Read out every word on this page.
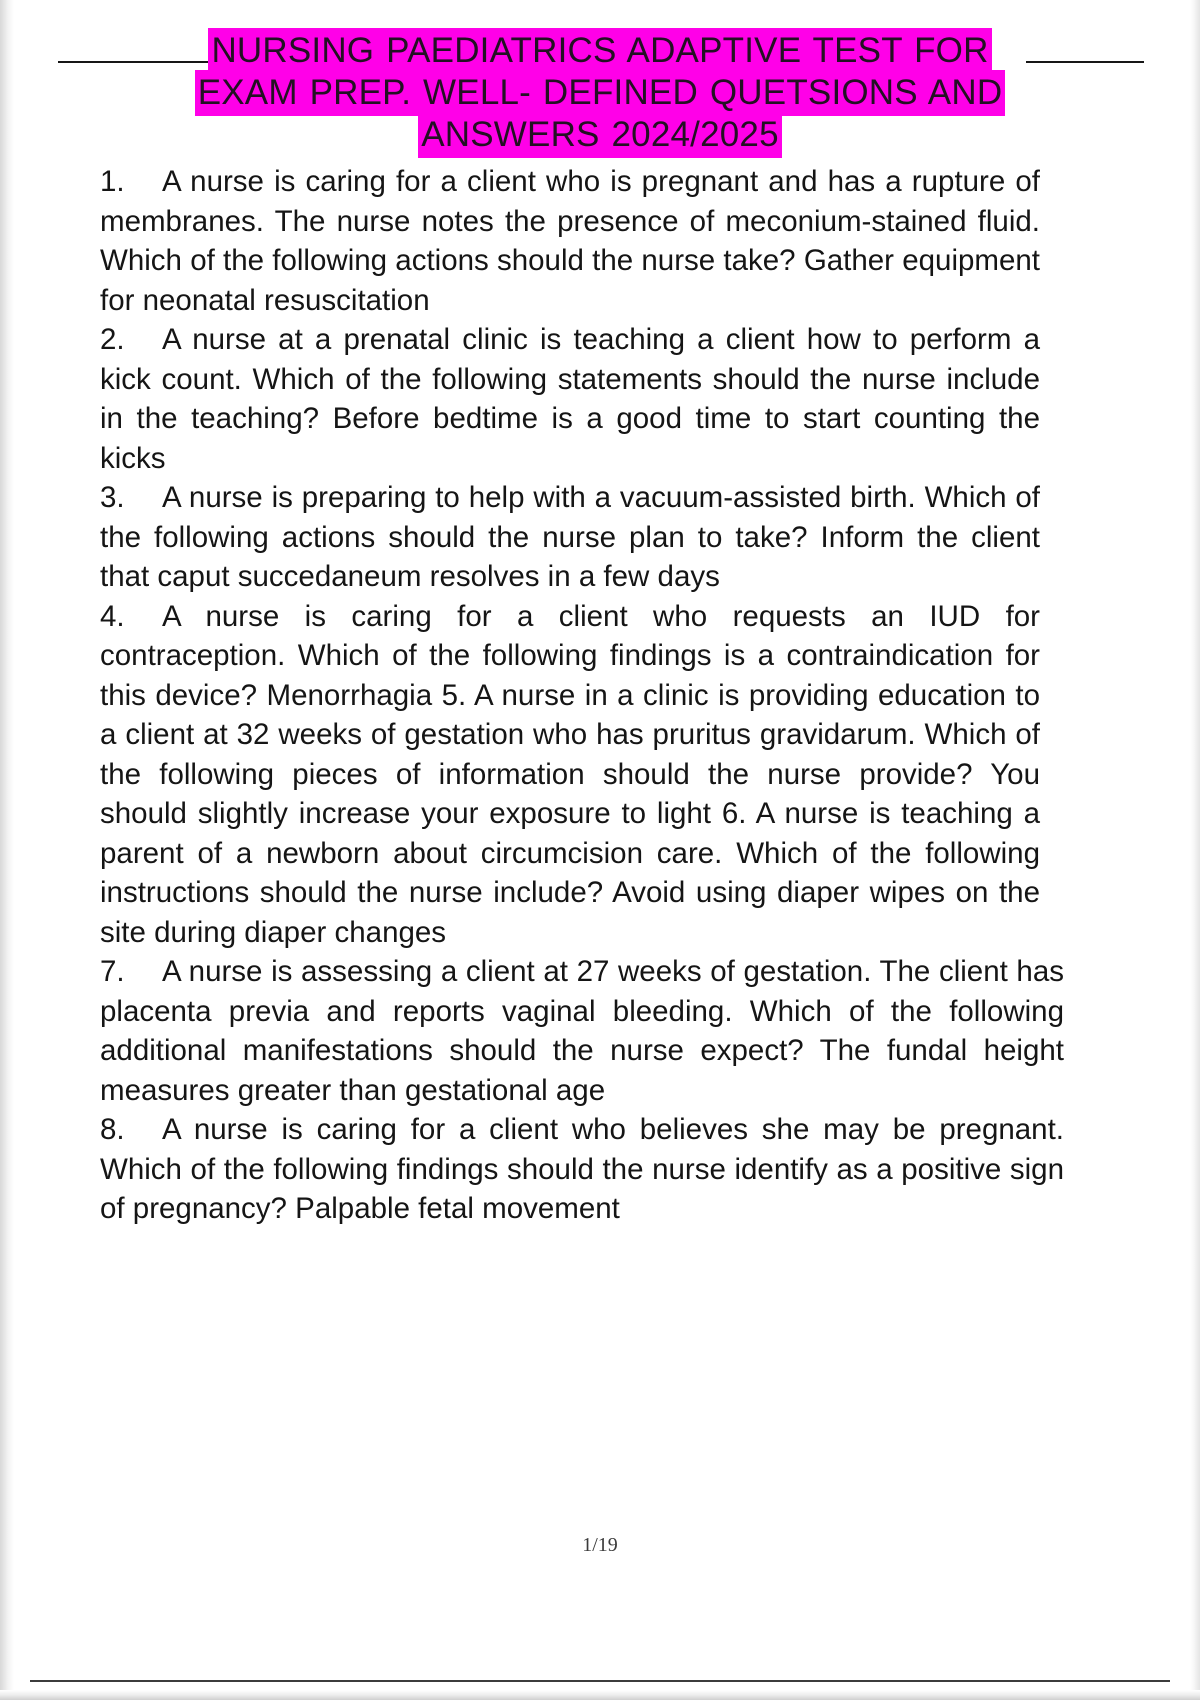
NURSING PAEDIATRICS ADAPTIVE TEST FOR
EXAM PREP. WELL- DEFINED QUETSIONS AND
ANSWERS 2024/2025

1. A nurse is caring for a client who is pregnant and has a rupture of membranes. The nurse notes the presence of meconium-stained fluid. Which of the following actions should the nurse take? Gather equipment for neonatal resuscitation

2. A nurse at a prenatal clinic is teaching a client how to perform a kick count. Which of the following statements should the nurse include in the teaching? Before bedtime is a good time to start counting the kicks

3. A nurse is preparing to help with a vacuum-assisted birth. Which of the following actions should the nurse plan to take? Inform the client that caput succedaneum resolves in a few days

4. A nurse is caring for a client who requests an IUD for contraception. Which of the following findings is a contraindication for this device? Menorrhagia 5. A nurse in a clinic is providing education to a client at 32 weeks of gestation who has pruritus gravidarum. Which of the following pieces of information should the nurse provide? You should slightly increase your exposure to light 6. A nurse is teaching a parent of a newborn about circumcision care. Which of the following instructions should the nurse include? Avoid using diaper wipes on the site during diaper changes

7. A nurse is assessing a client at 27 weeks of gestation. The client has placenta previa and reports vaginal bleeding. Which of the following additional manifestations should the nurse expect? The fundal height measures greater than gestational age

8. A nurse is caring for a client who believes she may be pregnant. Which of the following findings should the nurse identify as a positive sign of pregnancy? Palpable fetal movement

1/19
